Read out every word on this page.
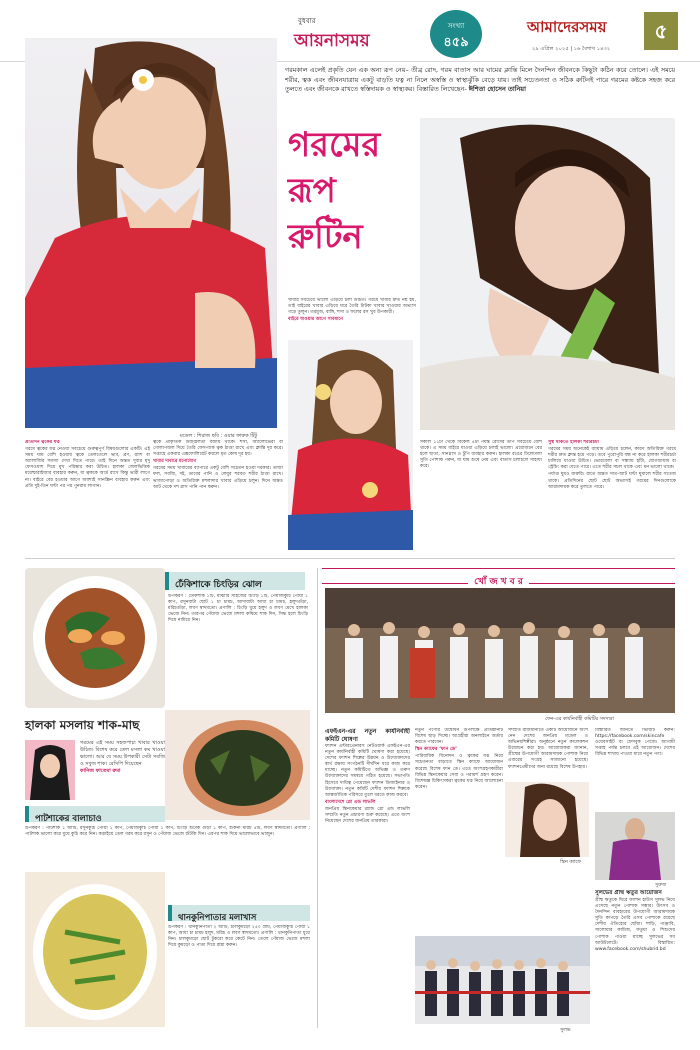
বুধবার
আয়নাসময়
সংখ্যা
৪৫৯
আমাদেরসময়	৫
২৯ এপ্রিল ২০২৫ | ১৬ বৈশাখ ১৪৩২
গরমকাল এলেই প্রকৃতি যেন এক অন্য রূপ নেয়– তীব্র রোদ, গরম বাতাস আর ঘামের ক্লান্তি মিলে দৈনন্দিন জীবনকে কিছুটা কঠিন করে তোলে। এই সময়ে শরীর, ত্বক এবং জীবনযাত্রায় একটু বাড়তি যত্ন না নিলে অস্বস্তি ও স্বাস্থ্যঝুঁকি বেড়ে যায়। তাই সচেতনতা ও সঠিক রুটিনই পারে গরমের কষ্টকে সহজ করে তুলতে এবং জীবনকে রাখতে স্বস্তিদায়ক ও স্বাস্থ্যকর। বিস্তারিত লিখেছেন- ঈশিতা হোসেন তানিয়া
গরমের
রূপ
রুটিন
মডেল : শিরাজ ছবি : ওয়ার ফারুক টিটু

প্রতিদিন ত্বকের যত্ন

গরমে ত্বকের যত্ন নেওয়া সবচেয়ে গুরুত্বপূর্ণ বিষয়গুলোর একটি। এই সময় ঘাম বেশি হওয়ায় ত্বকে তেলতেলে ভাব, ব্রণ, র‍্যাশ বা অ্যালার্জির সমস্যা দেখা দিতে পারে। তাই দিনে অন্তত দুবার মৃদু ফেসওয়াশ দিয়ে মুখ পরিষ্কার করা উচিত। হালকা জেলভিত্তিক ময়েশ্চারাইজার ব্যবহার করুন, যা ত্বককে আর্দ্র রাখে কিন্তু ভারী লাগে না। বাইরে বের হওয়ার আগে অবশ্যই সানস্ক্রিন ব্যবহার করুন এবং প্রতি দুই-তিন ঘণ্টা পর পর পুনরায় লাগান।

ত্বকে প্রাকৃতিক উজ্জ্বলতা বজায় থাকে। শসা, অ্যালোভেরা বা গোলাপজল দিয়ে তৈরি ফেসপ্যাক ত্বক ঠাণ্ডা রাখে এবং ক্লান্তি দূর করে। সপ্তাহে একবার এক্সফোলিয়েট করলে মৃত কোষ দূর হয়।

খাবার দাবারে মনোযোগ

গরমের সময় খাবারের ব্যাপারে একটু বেশি সচেতন হওয়া দরকার। তাজা ফল, সবজি, দই, ডাবের পানি ও লেবুর শরবত শরীর ঠাণ্ডা রাখে। ভাজাপোড়া ও অতিরিক্ত মশলাদার খাবার এড়িয়ে চলুন। দিনে অন্তত আট থেকে দশ গ্লাস পানি পান করুন।

খাবার সবচেয়ে ভালো এড়িয়ে চলা উচিত। গরমে খাবার দ্রুত নষ্ট হয়, তাই বাইরের খাবার এড়িয়ে ঘরে তৈরি টাটকা খাবার খাওয়ার অভ্যাস গড়ে তুলুন। তরমুজ, বাঙ্গি, শসা ও ফলের রস খুব উপকারী।

বাইরে যাওয়ার আগে সাবধানে

সকাল ১১টা থেকে বিকেল ৪টা পর্যন্ত রোদের তাপ সবচেয়ে বেশি থাকে। এ সময় বাইরে যাওয়া এড়িয়ে চলাই ভালো। প্রয়োজনে বের হলে ছাতা, সানগ্লাস ও টুপি ব্যবহার করুন। হালকা রঙের ঢিলেঢালা সুতি পোশাক পরুন, যা ঘাম শুষে নেয় এবং বাতাস চলাচলে সাহায্য করে।

সুস্থ থাকতে হালকা শরীরচর্চা

গরমের সময় অনেকেই ব্যায়াম এড়িয়ে চলেন, কারণ অতিরিক্ত গরমে শরীর দ্রুত ক্লান্ত হয়ে পড়ে। তবে পুরোপুরি বন্ধ না করে হালকা শরীরচর্চা চালিয়ে যাওয়া উচিত। ভোরবেলা বা সন্ধ্যায় হাঁটা, যোগব্যায়াম বা স্ট্রেচিং করা যেতে পারে। এতে শরীর সচল থাকে এবং মন ভালো থাকে।

পর্যাপ্ত ঘুমও জরুরি। রাতে অন্তত সাত-আট ঘণ্টা ঘুমালে শরীর সতেজ থাকে। প্রতিদিনের ছোট ছোট অভ্যাসই গরমের দিনগুলোকে আরামদায়ক করে তুলতে পারে।

ঢেঁকিশাকে চিংড়ির ঝোল
উপকরণ : ঢেঁকিশাক ১টি, মাঝারি সাইজের চিংড়ি ১টি, পেঁয়াজকুচি পোয়া ১ কাপ, রসুনবাটা ছোট ১ চা চামচ, আদাবাটা আধা চা চামচ, হলুদগুঁড়া, মরিচগুঁড়া, লবণ স্বাদমতো। প্রণালি : চিংড়ি ধুয়ে হলুদ ও লবণ মেখে হালকা ভেজে নিন। তারপর পেঁয়াজ ভেজে মশলা কষিয়ে শাক দিন, সিদ্ধ হলে চিংড়ি দিয়ে নামিয়ে নিন।
হালকা মসলায় শাক-মাছ
গরমের এই সময় সহজপাচ্য খাবার খাওয়া উচিত। বিশেষ করে তেল মসলা কম খাওয়া ভালো। আর যে সময় উপকারী সেটা সবজি ও সবুজ শাক। রেসিপি দিয়েছেন
কানিজ ফাতেমা রুমা
পাটশাকের বালাচাও
উপকরণ : পাটশাক ১ আঁটি, রসুনকুচি পোয়া ১ কাপ, পেঁয়াজকুচি পোয়া ১ কাপ, চিংড়ি শুঁটকি গুঁড়া ১ কাপ, শুকনা মরিচ ৫টি, লবণ স্বাদমতো। প্রণালি : পাটশাক ভালো করে ধুয়ে কুচি করে নিন। কড়াইয়ে তেল গরম করে রসুন ও পেঁয়াজ ভেজে শুঁটকি দিন। এরপর শাক দিয়ে ভালোভাবে ভাজুন।
থানকুনিপাতার মলাখাস
উপকরণ : থানকুনিপাতা ২ আঁটি, চালকুমড়ো ২৫০ গ্রাম, পেঁয়াজকুচি পোয়া ১ কাপ, আধা চা চামচ হলুদ, মরিচ ও লবণ স্বাদমতো। প্রণালি : থানকুনিপাতা ধুয়ে নিন। চালকুমড়ো ছোট টুকরো করে কেটে নিন। তেলে পেঁয়াজ ভেজে মশলা দিয়ে কুমড়ো ও পাতা দিয়ে রান্না করুন।
খোঁ জ খ ব র
ফেন-এর কার্যনির্বাহী কমিটির সদস্যরা

এফইএন-এর নতুন কার্যনির্বাহী কমিটি ঘোষণা

ফ্যাশন এন্টারপ্রেনারস নেটওয়ার্ক এফইএন-এর নতুন কার্যনির্বাহী কমিটি ঘোষণা করা হয়েছে। দেশের ফ্যাশন শিল্পের উন্নয়ন ও উদ্যোক্তাদের স্বার্থ রক্ষায় সংগঠনটি দীর্ঘদিন ধরে কাজ করে যাচ্ছে। নতুন কমিটিতে অভিজ্ঞ ও তরুণ উদ্যোক্তাদের সমন্বয়ে গঠিত হয়েছে। সভাপতি হিসেবে দায়িত্ব পেয়েছেন ফ্যাশন ডিজাইনার ও উদ্যোক্তা। নতুন কমিটি দেশীয় ফ্যাশন শিল্পকে আন্তর্জাতিক পরিসরে তুলে ধরতে কাজ করবে।

বাংলাদেশে গ্লো এন্ড লাভলি

জনপ্রিয় স্কিনকেয়ার ব্র্যান্ড গ্লো এন্ড লাভলি সম্প্রতি নতুন প্রচারণা শুরু করেছে। এতে অংশ নিয়েছেন দেশের জনপ্রিয় তারকারা।

নতুন পণ্যের উদ্বোধন উপলক্ষে প্রতিষ্ঠানটি বিশেষ ছাড় দিচ্ছে। আগ্রহীরা অনলাইনে অর্ডার করতে পারবেন।

স্কিন ক্যাফের ‘ফান ডে’

পারিবারিক বিনোদন ও ত্বকের যত্ন নিয়ে সচেতনতা বাড়াতে স্কিন ক্যাফে আয়োজন করেছে বিশেষ ফান ডে। এতে অংশগ্রহণকারীরা বিভিন্ন স্কিনকেয়ার সেবা ও পরামর্শ গ্রহণ করেন। বিশেষজ্ঞ চিকিৎসকরা ত্বকের যত্ন নিয়ে আলোচনা করেন।

সম্প্রতি রাজধানীতে একটি আয়োজনে অংশ নেন দেশের জনপ্রিয় মডেল ও অভিনয়শিল্পীরা। অনুষ্ঠানে নতুন কালেকশন উন্মোচন করা হয়। আয়োজকরা জানান, গ্রীষ্মের উপযোগী আরামদায়ক পোশাক নিয়ে এবারের সংগ্রহ সাজানো হয়েছে। ফ্যাশনপ্রেমীদের জন্য রয়েছে বিশেষ উপহার।

স্কিন ক্যাফে

বিস্তারিত জানতে ভিজিট করুন: https://facebook.com/skincafe ওয়েবসাইট বা ফেসবুক পেজে। আগামী সপ্তাহ পর্যন্ত চলবে এই আয়োজন। দেশের বিভিন্ন শাখায় পাওয়া যাবে নতুন পণ্য।

সুরুজ

সুলভের গ্রীষ্ম ঋতুর আয়োজন

গ্রীষ্ম ঋতুকে ঘিরে ফ্যাশন হাউস সুলভ নিয়ে এসেছে নতুন পোশাক সম্ভার। উৎসব ও দৈনন্দিন ব্যবহারের উপযোগী আরামদায়ক সুতি কাপড়ে তৈরি এসব পোশাকে রয়েছে দেশীয় ঐতিহ্যের ছোঁয়া। শাড়ি, পাঞ্জাবি, সালোয়ার কামিজ, ফতুয়া ও শিশুদের পোশাক পাওয়া যাচ্ছে সুলভের সব আউটলেটে। বিস্তারিত: www.facebook.com/shubrid.bd

সুলভ
